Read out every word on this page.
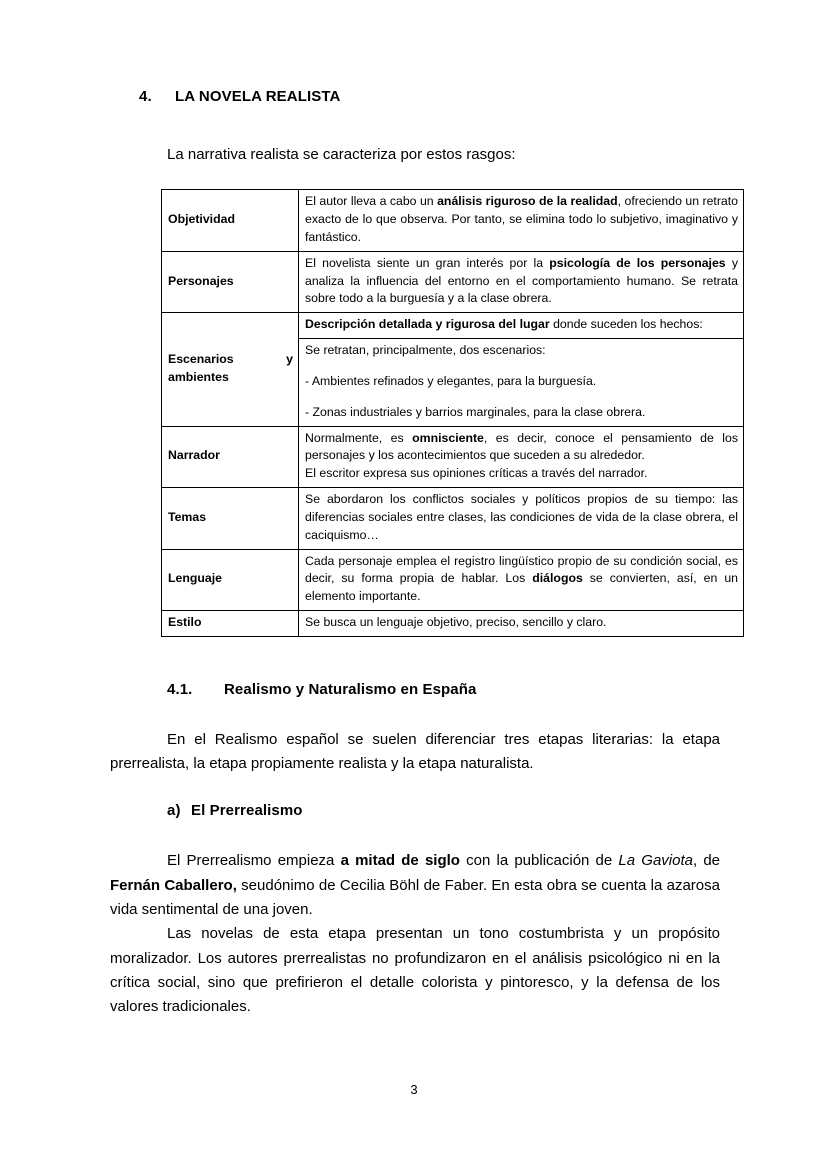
4.	LA NOVELA REALISTA
La narrativa realista se caracteriza por estos rasgos:
Objetividad	El autor lleva a cabo un análisis riguroso de la realidad, ofreciendo un retrato exacto de lo que observa. Por tanto, se elimina todo lo subjetivo, imaginativo y fantástico.

Personajes	El novelista siente un gran interés por la psicología de los personajes y analiza la influencia del entorno en el comportamiento humano. Se retrata sobre todo a la burguesía y a la clase obrera.

Escenarios y ambientes	Descripción detallada y rigurosa del lugar donde suceden los hechos:

	Se retratan, principalmente, dos escenarios:

- Ambientes refinados y elegantes, para la burguesía.

- Zonas industriales y barrios marginales, para la clase obrera.

Narrador	Normalmente, es omnisciente, es decir, conoce el pensamiento de los personajes y los acontecimientos que suceden a su alrededor.

El escritor expresa sus opiniones críticas a través del narrador.

Temas	Se abordaron los conflictos sociales y políticos propios de su tiempo: las diferencias sociales entre clases, las condiciones de vida de la clase obrera, el caciquismo…

Lenguaje	Cada personaje emplea el registro lingüístico propio de su condición social, es decir, su forma propia de hablar. Los diálogos se convierten, así, en un elemento importante.

Estilo	Se busca un lenguaje objetivo, preciso, sencillo y claro.

4.1.	Realismo y Naturalismo en España

En el Realismo español se suelen diferenciar tres etapas literarias: la etapa prerrealista, la etapa propiamente realista y la etapa naturalista.

a) El Prerrealismo

El Prerrealismo empieza a mitad de siglo con la publicación de La Gaviota, de Fernán Caballero, seudónimo de Cecilia Böhl de Faber. En esta obra se cuenta la azarosa vida sentimental de una joven.

Las novelas de esta etapa presentan un tono costumbrista y un propósito moralizador. Los autores prerrealistas no profundizaron en el análisis psicológico ni en la crítica social, sino que prefirieron el detalle colorista y pintoresco, y la defensa de los valores tradicionales.

3
